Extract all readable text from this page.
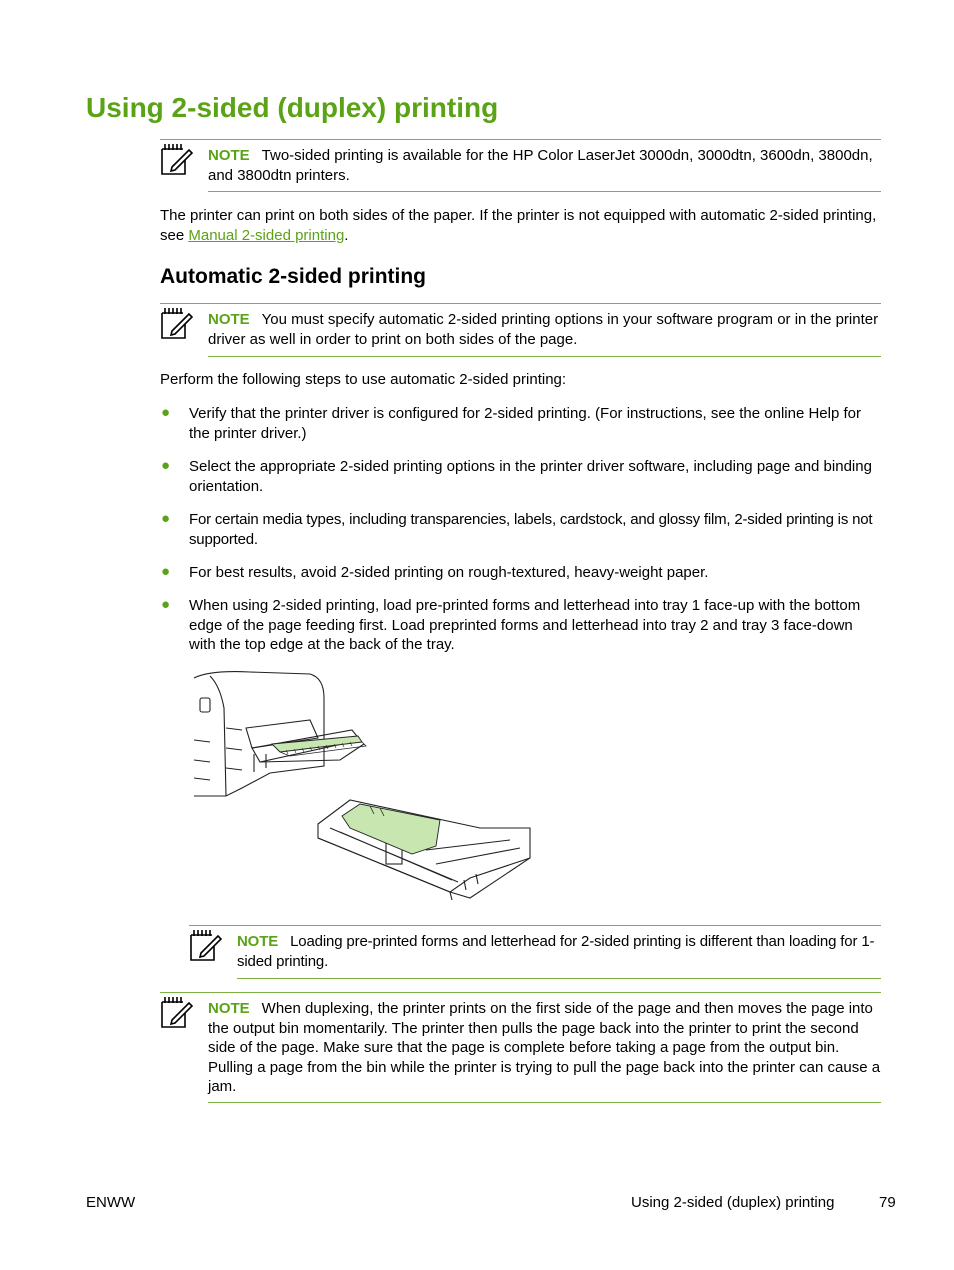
Using 2-sided (duplex) printing
NOTE Two-sided printing is available for the HP Color LaserJet 3000dn, 3000dtn, 3600dn, 3800dn, and 3800dtn printers.
The printer can print on both sides of the paper. If the printer is not equipped with automatic 2-sided printing, see Manual 2-sided printing.
Automatic 2-sided printing
NOTE You must specify automatic 2-sided printing options in your software program or in the printer driver as well in order to print on both sides of the page.
Perform the following steps to use automatic 2-sided printing:
● Verify that the printer driver is configured for 2-sided printing. (For instructions, see the online Help for the printer driver.)
● Select the appropriate 2-sided printing options in the printer driver software, including page and binding orientation.
● For certain media types, including transparencies, labels, cardstock, and glossy film, 2-sided printing is not supported.
● For best results, avoid 2-sided printing on rough-textured, heavy-weight paper.
● When using 2-sided printing, load pre-printed forms and letterhead into tray 1 face-up with the bottom edge of the page feeding first. Load preprinted forms and letterhead into tray 2 and tray 3 face-down with the top edge at the back of the tray.
NOTE Loading pre-printed forms and letterhead for 2-sided printing is different than loading for 1-sided printing.
NOTE When duplexing, the printer prints on the first side of the page and then moves the page into the output bin momentarily. The printer then pulls the page back into the printer to print the second side of the page. Make sure that the page is complete before taking a page from the output bin. Pulling a page from the bin while the printer is trying to pull the page back into the printer can cause a jam.
ENWW	Using 2-sided (duplex) printing	79
